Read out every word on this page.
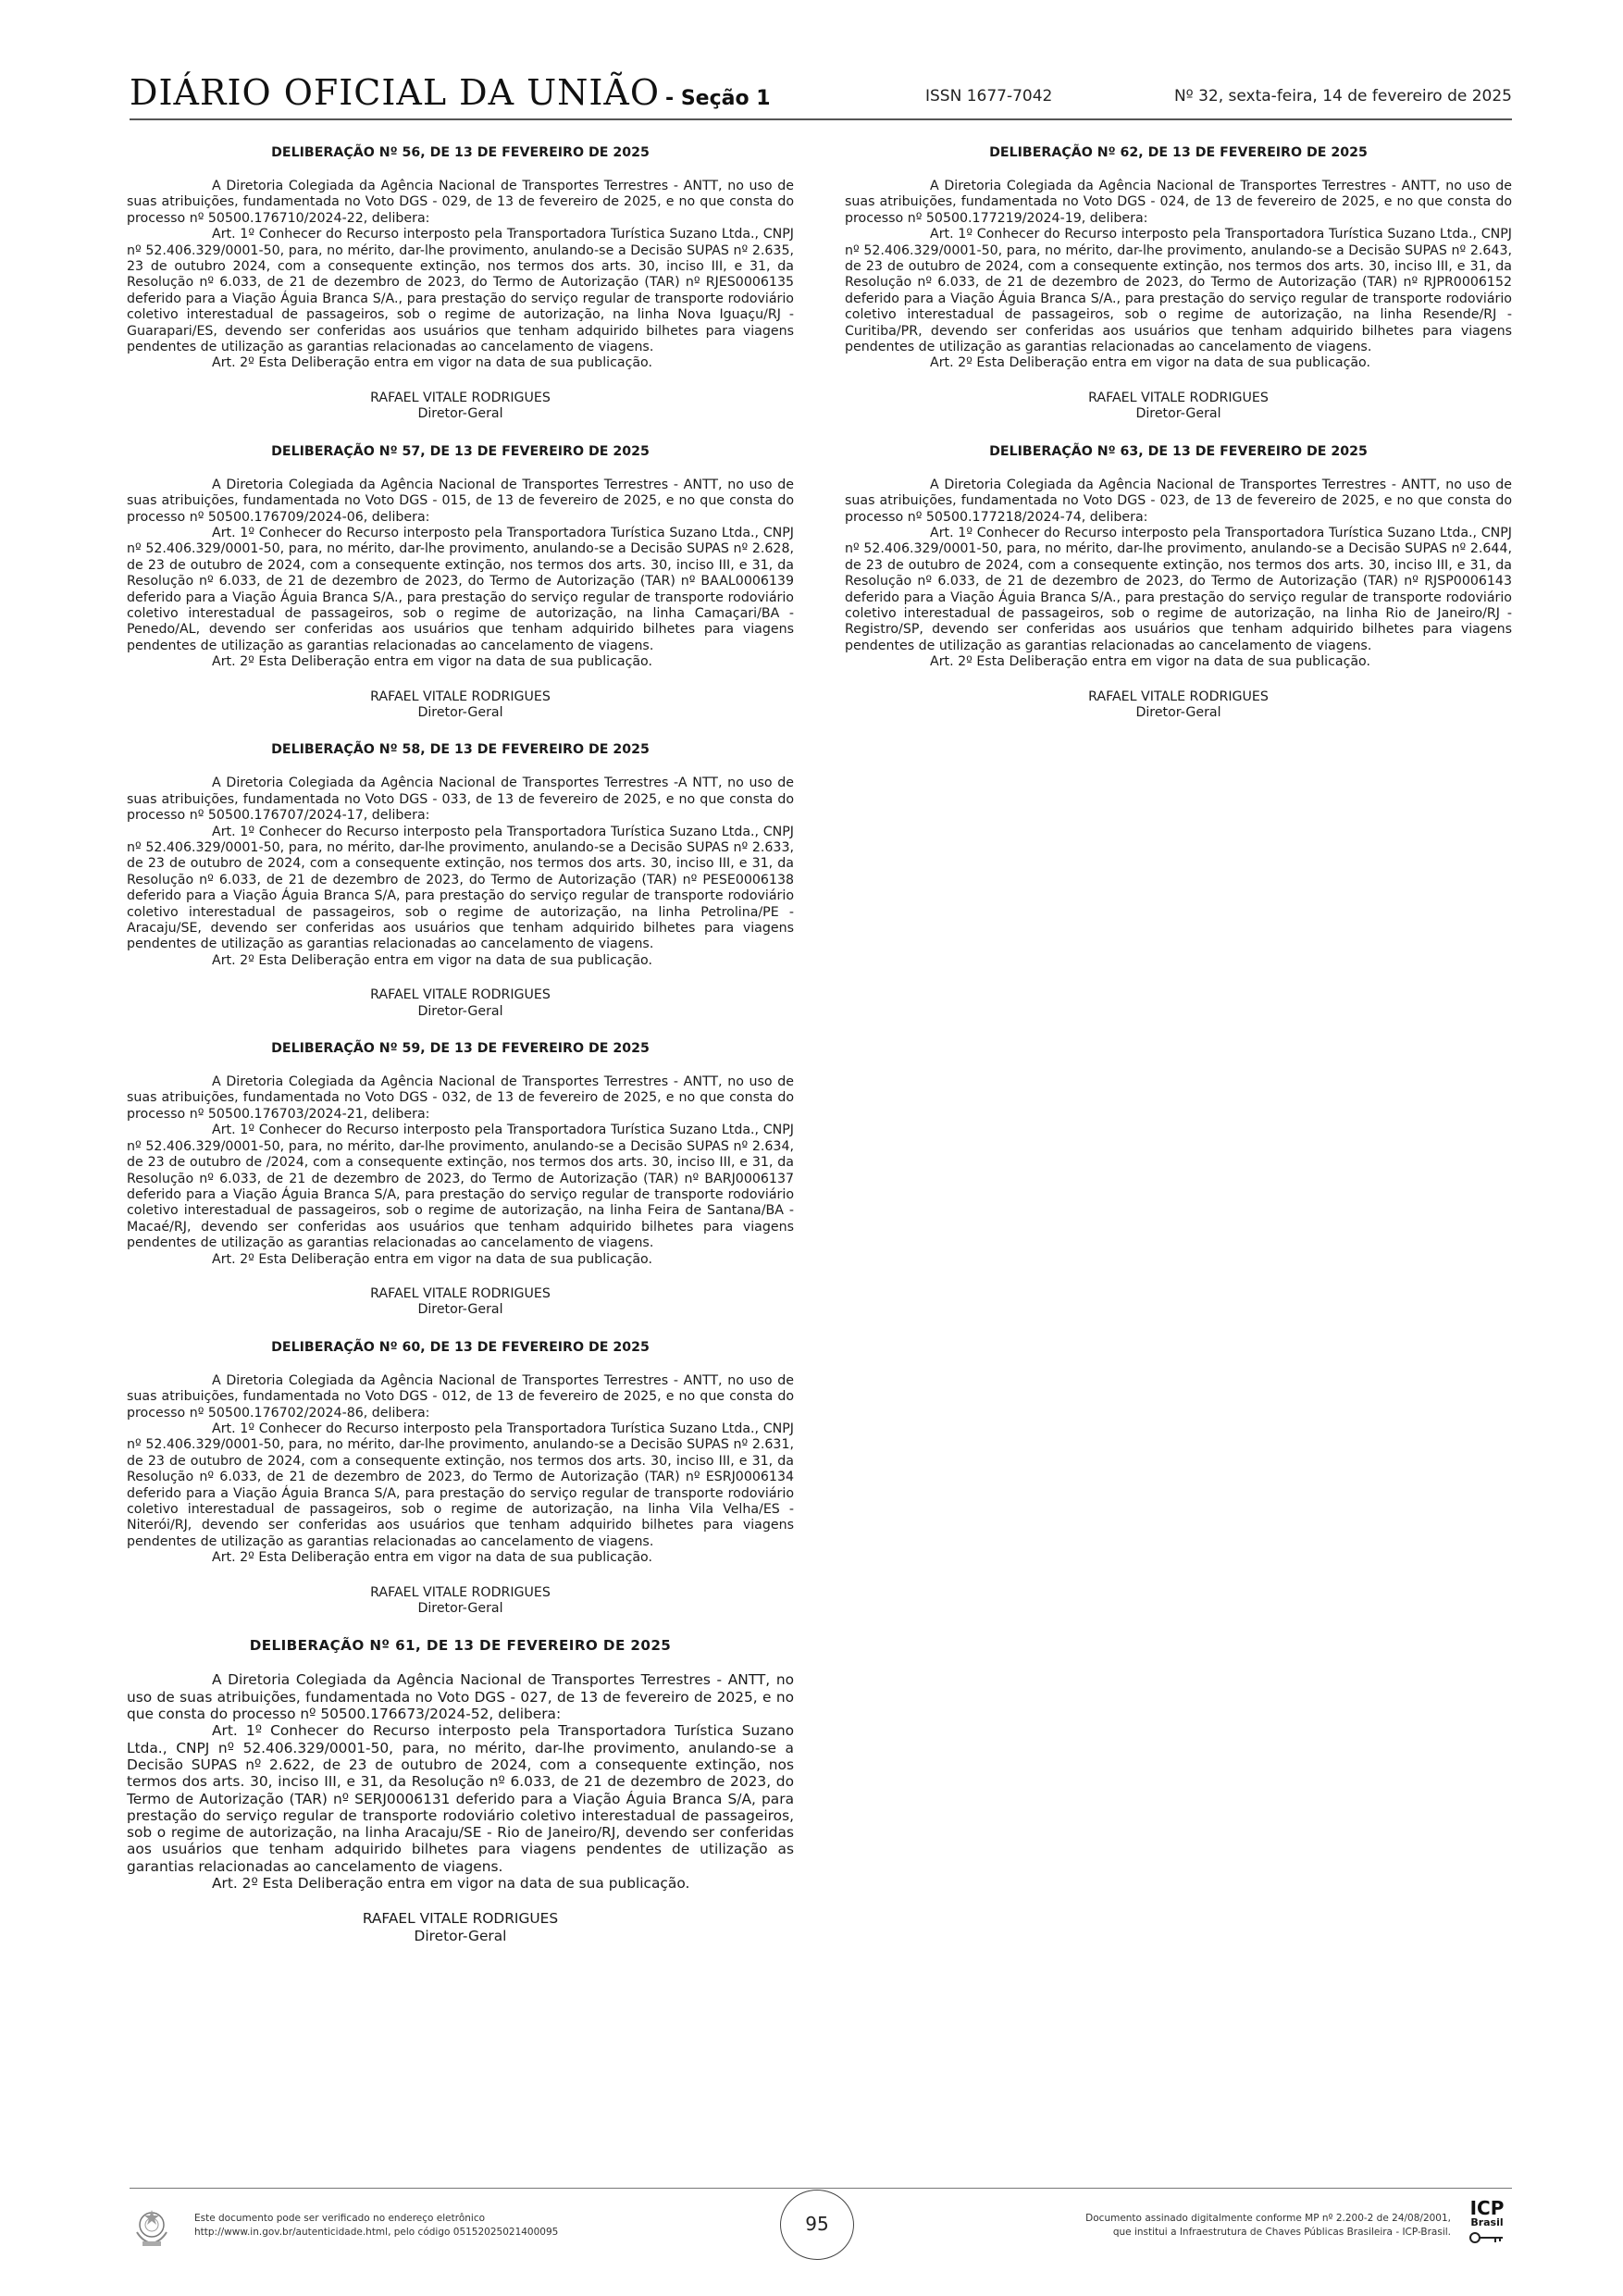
DIÁRIO OFICIAL DA UNIÃO - Seção 1	ISSN 1677-7042	Nº 32, sexta-feira, 14 de fevereiro de 2025
DELIBERAÇÃO Nº 56, DE 13 DE FEVEREIRO DE 2025

A Diretoria Colegiada da Agência Nacional de Transportes Terrestres - ANTT, no uso de suas atribuições, fundamentada no Voto DGS - 029, de 13 de fevereiro de 2025, e no que consta do processo nº 50500.176710/2024-22, delibera:

Art. 1º Conhecer do Recurso interposto pela Transportadora Turística Suzano Ltda., CNPJ nº 52.406.329/0001-50, para, no mérito, dar-lhe provimento, anulando-se a Decisão SUPAS nº 2.635, 23 de outubro 2024, com a consequente extinção, nos termos dos arts. 30, inciso III, e 31, da Resolução nº 6.033, de 21 de dezembro de 2023, do Termo de Autorização (TAR) nº RJES0006135 deferido para a Viação Águia Branca S/A., para prestação do serviço regular de transporte rodoviário coletivo interestadual de passageiros, sob o regime de autorização, na linha Nova Iguaçu/RJ - Guarapari/ES, devendo ser conferidas aos usuários que tenham adquirido bilhetes para viagens pendentes de utilização as garantias relacionadas ao cancelamento de viagens.

Art. 2º Esta Deliberação entra em vigor na data de sua publicação.

RAFAEL VITALE RODRIGUES
Diretor-Geral
DELIBERAÇÃO Nº 57, DE 13 DE FEVEREIRO DE 2025

A Diretoria Colegiada da Agência Nacional de Transportes Terrestres - ANTT, no uso de suas atribuições, fundamentada no Voto DGS - 015, de 13 de fevereiro de 2025, e no que consta do processo nº 50500.176709/2024-06, delibera:

Art. 1º Conhecer do Recurso interposto pela Transportadora Turística Suzano Ltda., CNPJ nº 52.406.329/0001-50, para, no mérito, dar-lhe provimento, anulando-se a Decisão SUPAS nº 2.628, de 23 de outubro de 2024, com a consequente extinção, nos termos dos arts. 30, inciso III, e 31, da Resolução nº 6.033, de 21 de dezembro de 2023, do Termo de Autorização (TAR) nº BAAL0006139 deferido para a Viação Águia Branca S/A., para prestação do serviço regular de transporte rodoviário coletivo interestadual de passageiros, sob o regime de autorização, na linha Camaçari/BA - Penedo/AL, devendo ser conferidas aos usuários que tenham adquirido bilhetes para viagens pendentes de utilização as garantias relacionadas ao cancelamento de viagens.

Art. 2º Esta Deliberação entra em vigor na data de sua publicação.

RAFAEL VITALE RODRIGUES
Diretor-Geral
DELIBERAÇÃO Nº 58, DE 13 DE FEVEREIRO DE 2025

A Diretoria Colegiada da Agência Nacional de Transportes Terrestres -A NTT, no uso de suas atribuições, fundamentada no Voto DGS - 033, de 13 de fevereiro de 2025, e no que consta do processo nº 50500.176707/2024-17, delibera:

Art. 1º Conhecer do Recurso interposto pela Transportadora Turística Suzano Ltda., CNPJ nº 52.406.329/0001-50, para, no mérito, dar-lhe provimento, anulando-se a Decisão SUPAS nº 2.633, de 23 de outubro de 2024, com a consequente extinção, nos termos dos arts. 30, inciso III, e 31, da Resolução nº 6.033, de 21 de dezembro de 2023, do Termo de Autorização (TAR) nº PESE0006138 deferido para a Viação Águia Branca S/A, para prestação do serviço regular de transporte rodoviário coletivo interestadual de passageiros, sob o regime de autorização, na linha Petrolina/PE - Aracaju/SE, devendo ser conferidas aos usuários que tenham adquirido bilhetes para viagens pendentes de utilização as garantias relacionadas ao cancelamento de viagens.

Art. 2º Esta Deliberação entra em vigor na data de sua publicação.

RAFAEL VITALE RODRIGUES
Diretor-Geral
DELIBERAÇÃO Nº 59, DE 13 DE FEVEREIRO DE 2025

A Diretoria Colegiada da Agência Nacional de Transportes Terrestres - ANTT, no uso de suas atribuições, fundamentada no Voto DGS - 032, de 13 de fevereiro de 2025, e no que consta do processo nº 50500.176703/2024-21, delibera:

Art. 1º Conhecer do Recurso interposto pela Transportadora Turística Suzano Ltda., CNPJ nº 52.406.329/0001-50, para, no mérito, dar-lhe provimento, anulando-se a Decisão SUPAS nº 2.634, de 23 de outubro de /2024, com a consequente extinção, nos termos dos arts. 30, inciso III, e 31, da Resolução nº 6.033, de 21 de dezembro de 2023, do Termo de Autorização (TAR) nº BARJ0006137 deferido para a Viação Águia Branca S/A, para prestação do serviço regular de transporte rodoviário coletivo interestadual de passageiros, sob o regime de autorização, na linha Feira de Santana/BA - Macaé/RJ, devendo ser conferidas aos usuários que tenham adquirido bilhetes para viagens pendentes de utilização as garantias relacionadas ao cancelamento de viagens.

Art. 2º Esta Deliberação entra em vigor na data de sua publicação.

RAFAEL VITALE RODRIGUES
Diretor-Geral
DELIBERAÇÃO Nº 60, DE 13 DE FEVEREIRO DE 2025

A Diretoria Colegiada da Agência Nacional de Transportes Terrestres - ANTT, no uso de suas atribuições, fundamentada no Voto DGS - 012, de 13 de fevereiro de 2025, e no que consta do processo nº 50500.176702/2024-86, delibera:

Art. 1º Conhecer do Recurso interposto pela Transportadora Turística Suzano Ltda., CNPJ nº 52.406.329/0001-50, para, no mérito, dar-lhe provimento, anulando-se a Decisão SUPAS nº 2.631, de 23 de outubro de 2024, com a consequente extinção, nos termos dos arts. 30, inciso III, e 31, da Resolução nº 6.033, de 21 de dezembro de 2023, do Termo de Autorização (TAR) nº ESRJ0006134 deferido para a Viação Águia Branca S/A, para prestação do serviço regular de transporte rodoviário coletivo interestadual de passageiros, sob o regime de autorização, na linha Vila Velha/ES - Niterói/RJ, devendo ser conferidas aos usuários que tenham adquirido bilhetes para viagens pendentes de utilização as garantias relacionadas ao cancelamento de viagens.

Art. 2º Esta Deliberação entra em vigor na data de sua publicação.

RAFAEL VITALE RODRIGUES
Diretor-Geral
DELIBERAÇÃO Nº 61, DE 13 DE FEVEREIRO DE 2025

A Diretoria Colegiada da Agência Nacional de Transportes Terrestres - ANTT, no uso de suas atribuições, fundamentada no Voto DGS - 027, de 13 de fevereiro de 2025, e no que consta do processo nº 50500.176673/2024-52, delibera:

Art. 1º Conhecer do Recurso interposto pela Transportadora Turística Suzano Ltda., CNPJ nº 52.406.329/0001-50, para, no mérito, dar-lhe provimento, anulando-se a Decisão SUPAS nº 2.622, de 23 de outubro de 2024, com a consequente extinção, nos termos dos arts. 30, inciso III, e 31, da Resolução nº 6.033, de 21 de dezembro de 2023, do Termo de Autorização (TAR) nº SERJ0006131 deferido para a Viação Águia Branca S/A, para prestação do serviço regular de transporte rodoviário coletivo interestadual de passageiros, sob o regime de autorização, na linha Aracaju/SE - Rio de Janeiro/RJ, devendo ser conferidas aos usuários que tenham adquirido bilhetes para viagens pendentes de utilização as garantias relacionadas ao cancelamento de viagens.

Art. 2º Esta Deliberação entra em vigor na data de sua publicação.

RAFAEL VITALE RODRIGUES
Diretor-Geral
DELIBERAÇÃO Nº 62, DE 13 DE FEVEREIRO DE 2025

A Diretoria Colegiada da Agência Nacional de Transportes Terrestres - ANTT, no uso de suas atribuições, fundamentada no Voto DGS - 024, de 13 de fevereiro de 2025, e no que consta do processo nº 50500.177219/2024-19, delibera:

Art. 1º Conhecer do Recurso interposto pela Transportadora Turística Suzano Ltda., CNPJ nº 52.406.329/0001-50, para, no mérito, dar-lhe provimento, anulando-se a Decisão SUPAS nº 2.643, de 23 de outubro de 2024, com a consequente extinção, nos termos dos arts. 30, inciso III, e 31, da Resolução nº 6.033, de 21 de dezembro de 2023, do Termo de Autorização (TAR) nº RJPR0006152 deferido para a Viação Águia Branca S/A., para prestação do serviço regular de transporte rodoviário coletivo interestadual de passageiros, sob o regime de autorização, na linha Resende/RJ - Curitiba/PR, devendo ser conferidas aos usuários que tenham adquirido bilhetes para viagens pendentes de utilização as garantias relacionadas ao cancelamento de viagens.

Art. 2º Esta Deliberação entra em vigor na data de sua publicação.

RAFAEL VITALE RODRIGUES
Diretor-Geral
DELIBERAÇÃO Nº 63, DE 13 DE FEVEREIRO DE 2025

A Diretoria Colegiada da Agência Nacional de Transportes Terrestres - ANTT, no uso de suas atribuições, fundamentada no Voto DGS - 023, de 13 de fevereiro de 2025, e no que consta do processo nº 50500.177218/2024-74, delibera:

Art. 1º Conhecer do Recurso interposto pela Transportadora Turística Suzano Ltda., CNPJ nº 52.406.329/0001-50, para, no mérito, dar-lhe provimento, anulando-se a Decisão SUPAS nº 2.644, de 23 de outubro de 2024, com a consequente extinção, nos termos dos arts. 30, inciso III, e 31, da Resolução nº 6.033, de 21 de dezembro de 2023, do Termo de Autorização (TAR) nº RJSP0006143 deferido para a Viação Águia Branca S/A., para prestação do serviço regular de transporte rodoviário coletivo interestadual de passageiros, sob o regime de autorização, na linha Rio de Janeiro/RJ - Registro/SP, devendo ser conferidas aos usuários que tenham adquirido bilhetes para viagens pendentes de utilização as garantias relacionadas ao cancelamento de viagens.

Art. 2º Esta Deliberação entra em vigor na data de sua publicação.

RAFAEL VITALE RODRIGUES
Diretor-Geral
Este documento pode ser verificado no endereço eletrônico
http://www.in.gov.br/autenticidade.html, pelo código 05152025021400095	95	Documento assinado digitalmente conforme MP nº 2.200-2 de 24/08/2001,
que institui a Infraestrutura de Chaves Públicas Brasileira - ICP-Brasil.
ICP
Brasil
